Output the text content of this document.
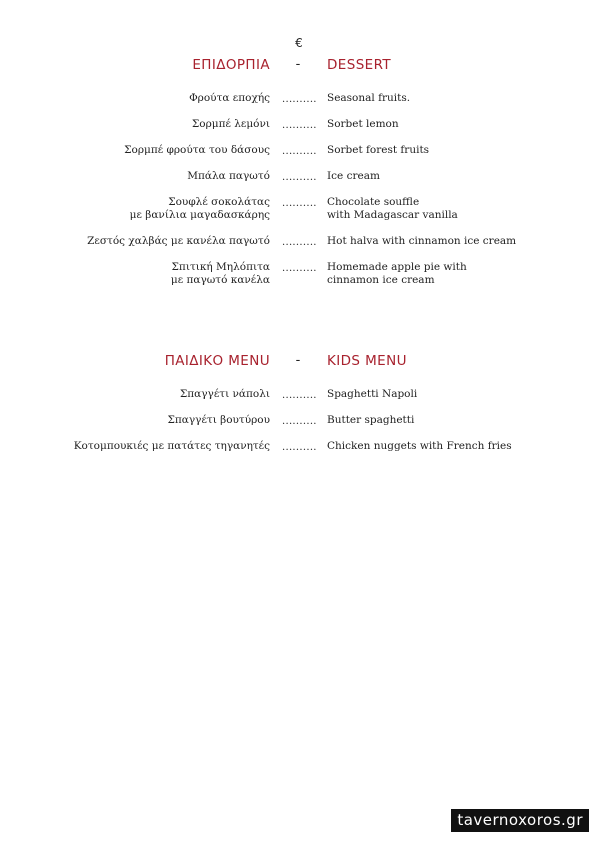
€
ΕΠΙΔΟΡΠΙΑ - DESSERT
Φρούτα εποχής .......... Seasonal fruits.
Σορμπέ λεμόνι .......... Sorbet lemon
Σορμπέ φρούτα του δάσους .......... Sorbet forest fruits
Μπάλα παγωτό .......... Ice cream
Σουφλέ σοκολάτας
με βανίλια μαγαδασκάρης
.......... Chocolate souffle
with Madagascar vanilla
Ζεστός χαλβάς με κανέλα παγωτό .......... Hot halva with cinnamon ice cream
Σπιτική Μηλόπιτα
με παγωτό κανέλα
.......... Homemade apple pie with
cinnamon ice cream
ΠΑΙΔΙΚΟ MENU - KIDS MENU
Σπαγγέτι νάπολι .......... Spaghetti Napoli
Σπαγγέτι βουτύρου .......... Butter spaghetti
Κοτομπουκιές με πατάτες τηγανητές .......... Chicken nuggets with French fries
tavernoxoros.gr
